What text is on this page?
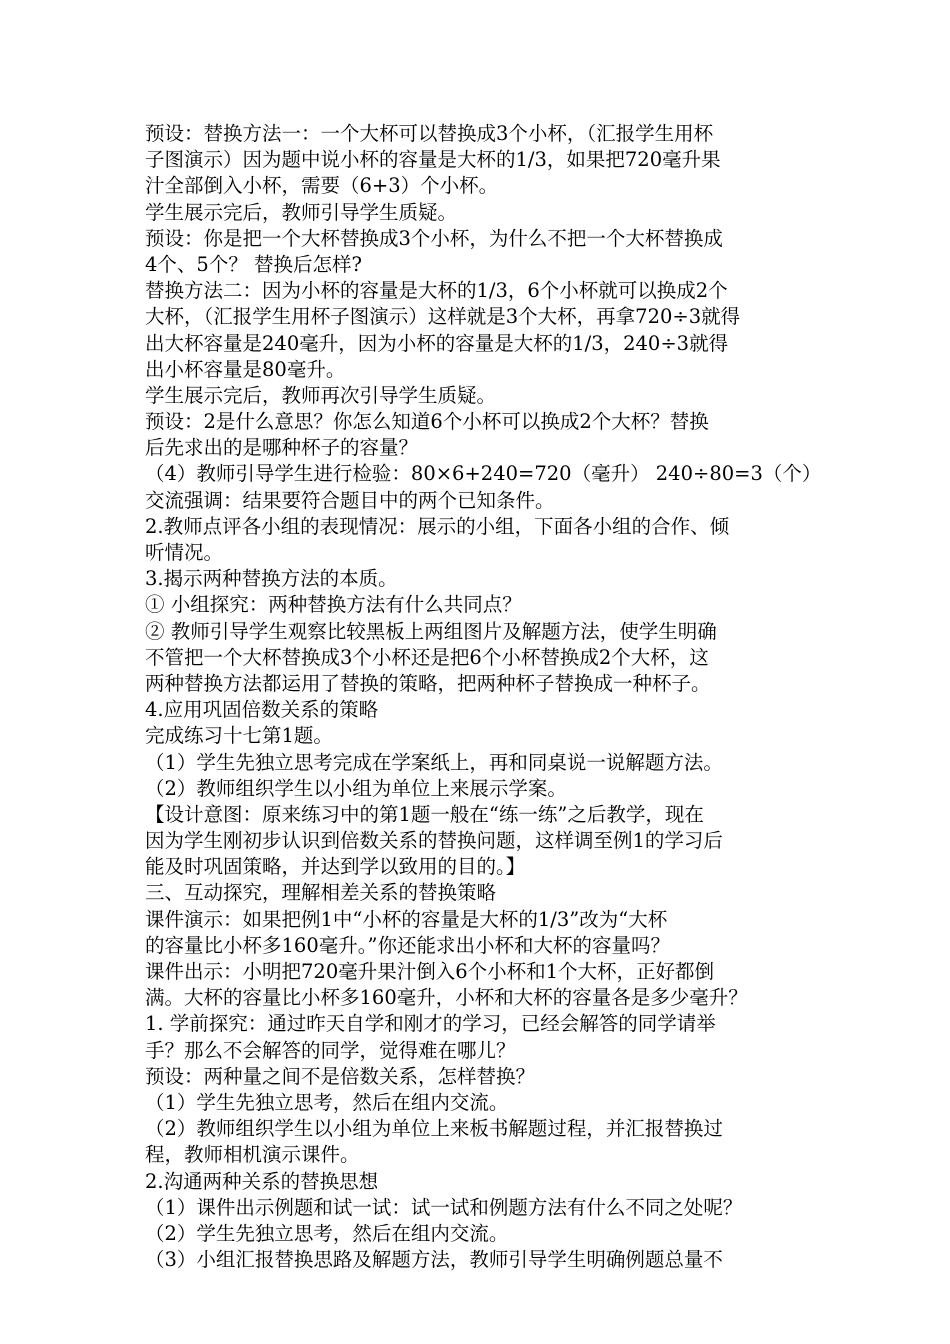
预设：替换方法一：一个大杯可以替换成3个小杯，（汇报学生用杯
子图演示）因为题中说小杯的容量是大杯的1/3，如果把720毫升果
汁全部倒入小杯，需要（6+3）个小杯。
学生展示完后，教师引导学生质疑。
预设：你是把一个大杯替换成3个小杯，为什么不把一个大杯替换成
4个、5个？ 替换后怎样?
替换方法二：因为小杯的容量是大杯的1/3，6个小杯就可以换成2个
大杯，（汇报学生用杯子图演示）这样就是3个大杯，再拿720÷3就得
出大杯容量是240毫升，因为小杯的容量是大杯的1/3，240÷3就得
出小杯容量是80毫升。
学生展示完后，教师再次引导学生质疑。
预设：2是什么意思？你怎么知道6个小杯可以换成2个大杯？替换
后先求出的是哪种杯子的容量？
（4）教师引导学生进行检验：80×6+240=720（毫升） 240÷80=3（个）
交流强调：结果要符合题目中的两个已知条件。
2.教师点评各小组的表现情况：展示的小组，下面各小组的合作、倾
听情况。
3.揭示两种替换方法的本质。
① 小组探究：两种替换方法有什么共同点？
② 教师引导学生观察比较黑板上两组图片及解题方法，使学生明确
不管把一个大杯替换成3个小杯还是把6个小杯替换成2个大杯，这
两种替换方法都运用了替换的策略，把两种杯子替换成一种杯子。
4.应用巩固倍数关系的策略
完成练习十七第1题。
（1）学生先独立思考完成在学案纸上，再和同桌说一说解题方法。
（2）教师组织学生以小组为单位上来展示学案。
【设计意图：原来练习中的第1题一般在“练一练”之后教学，现在
因为学生刚初步认识到倍数关系的替换问题，这样调至例1的学习后
能及时巩固策略，并达到学以致用的目的。】
三、互动探究，理解相差关系的替换策略
课件演示：如果把例1中“小杯的容量是大杯的1/3”改为“大杯
的容量比小杯多160毫升。”你还能求出小杯和大杯的容量吗？
课件出示：小明把720毫升果汁倒入6个小杯和1个大杯，正好都倒
满。大杯的容量比小杯多160毫升，小杯和大杯的容量各是多少毫升？
1. 学前探究：通过昨天自学和刚才的学习，已经会解答的同学请举
手？那么不会解答的同学，觉得难在哪儿？
预设：两种量之间不是倍数关系，怎样替换？
（1）学生先独立思考，然后在组内交流。
（2）教师组织学生以小组为单位上来板书解题过程，并汇报替换过
程，教师相机演示课件。
2.沟通两种关系的替换思想
（1）课件出示例题和试一试：试一试和例题方法有什么不同之处呢？
（2）学生先独立思考，然后在组内交流。
（3）小组汇报替换思路及解题方法，教师引导学生明确例题总量不
